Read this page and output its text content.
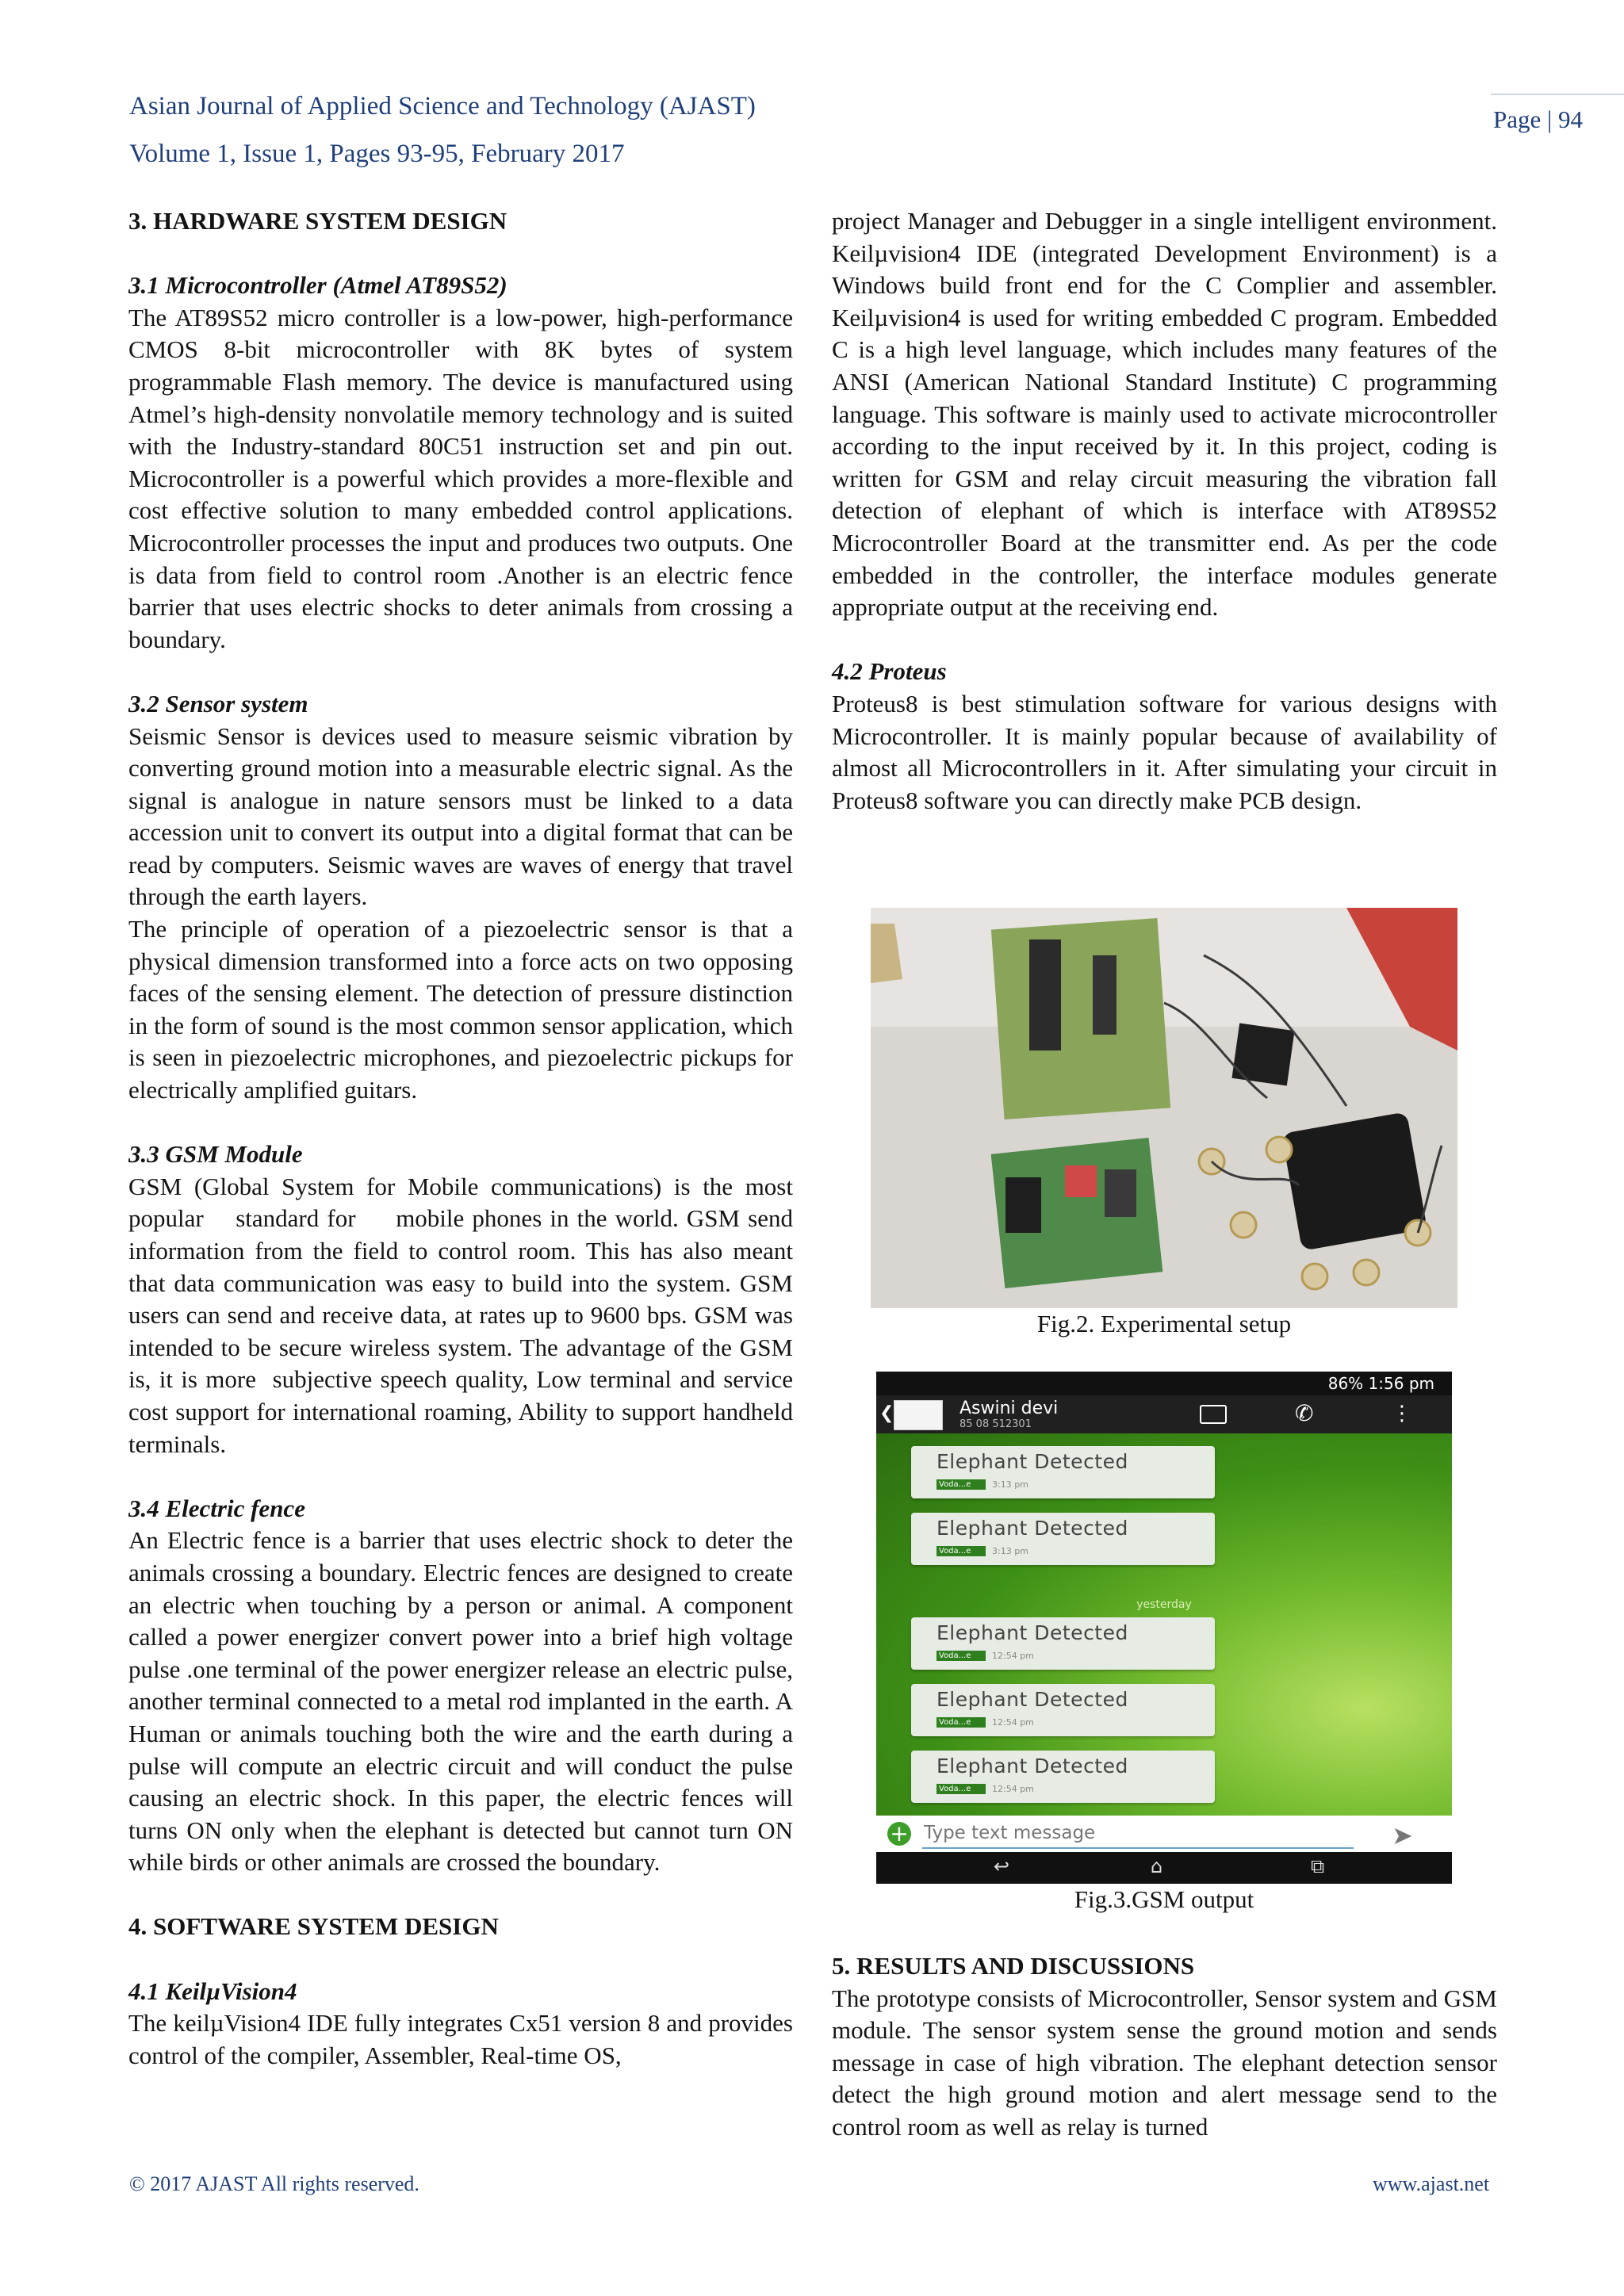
Asian Journal of Applied Science and Technology (AJAST)
Volume 1, Issue 1, Pages 93-95, February 2017
Page | 94
3. HARDWARE SYSTEM DESIGN
3.1 Microcontroller (Atmel AT89S52)

The AT89S52 micro controller is a low-power, high-performance CMOS 8-bit microcontroller with 8K bytes of system programmable Flash memory. The device is manufactured using Atmel’s high-density nonvolatile memory technology and is suited with the Industry-standard 80C51 instruction set and pin out. Microcontroller is a powerful which provides a more-flexible and cost effective solution to many embedded control applications. Microcontroller processes the input and produces two outputs. One is data from field to control room .Another is an electric fence barrier that uses electric shocks to deter animals from crossing a boundary.

3.2 Sensor system

Seismic Sensor is devices used to measure seismic vibration by converting ground motion into a measurable electric signal. As the signal is analogue in nature sensors must be linked to a data accession unit to convert its output into a digital format that can be read by computers. Seismic waves are waves of energy that travel through the earth layers.

The principle of operation of a piezoelectric sensor is that a physical dimension transformed into a force acts on two opposing faces of the sensing element. The detection of pressure distinction in the form of sound is the most common sensor application, which is seen in piezoelectric microphones, and piezoelectric pickups for electrically amplified guitars.

3.3 GSM Module

GSM (Global System for Mobile communications) is the most popular    standard for     mobile phones in the world. GSM send information from the field to control room. This has also meant that data communication was easy to build into the system. GSM users can send and receive data, at rates up to 9600 bps. GSM was intended to be secure wireless system. The advantage of the GSM is, it is more  subjective speech quality, Low terminal and service cost support for international roaming, Ability to support handheld terminals.

3.4 Electric fence

An Electric fence is a barrier that uses electric shock to deter the animals crossing a boundary. Electric fences are designed to create an electric when touching by a person or animal. A component called a power energizer convert power into a brief high voltage pulse .one terminal of the power energizer release an electric pulse, another terminal connected to a metal rod implanted in the earth. A Human or animals touching both the wire and the earth during a pulse will compute an electric circuit and will conduct the pulse causing an electric shock. In this paper, the electric fences will turns ON only when the elephant is detected but cannot turn ON while birds or other animals are crossed the boundary.

4. SOFTWARE SYSTEM DESIGN
4.1 KeilµVision4

The keilµVision4 IDE fully integrates Cx51 version 8 and provides control of the compiler, Assembler, Real-time OS,

project Manager and Debugger in a single intelligent environment. Keilµvision4 IDE (integrated Development Environment) is a Windows build front end for the C Complier and assembler. Keilµvision4 is used for writing embedded C program. Embedded C is a high level language, which includes many features of the ANSI (American National Standard Institute) C programming language. This software is mainly used to activate microcontroller according to the input received by it. In this project, coding is written for GSM and relay circuit measuring the vibration fall detection of elephant of which is interface with AT89S52 Microcontroller Board at the transmitter end. As per the code embedded in the controller, the interface modules generate appropriate output at the receiving end.

4.2 Proteus

Proteus8 is best stimulation software for various designs with Microcontroller. It is mainly popular because of availability of almost all Microcontrollers in it. After simulating your circuit in Proteus8 software you can directly make PCB design.

Fig.2. Experimental setup
86% 1:56 pm
❮	Aswini devi
85 08 512301	✆	⋮
Elephant Detected
Voda...e	3:13 pm
Elephant Detected
Voda...e	3:13 pm
yesterday
Elephant Detected
Voda...e	12:54 pm
Elephant Detected
Voda...e	12:54 pm
Elephant Detected
Voda...e	12:54 pm
+
Type text message	➤
↩	⌂	⧉
Fig.3.GSM output
5. RESULTS AND DISCUSSIONS

The prototype consists of Microcontroller, Sensor system and GSM module. The sensor system sense the ground motion and sends message in case of high vibration. The elephant detection sensor detect the high ground motion and alert message send to the control room as well as relay is turned

© 2017 AJAST All rights reserved.	www.ajast.net
